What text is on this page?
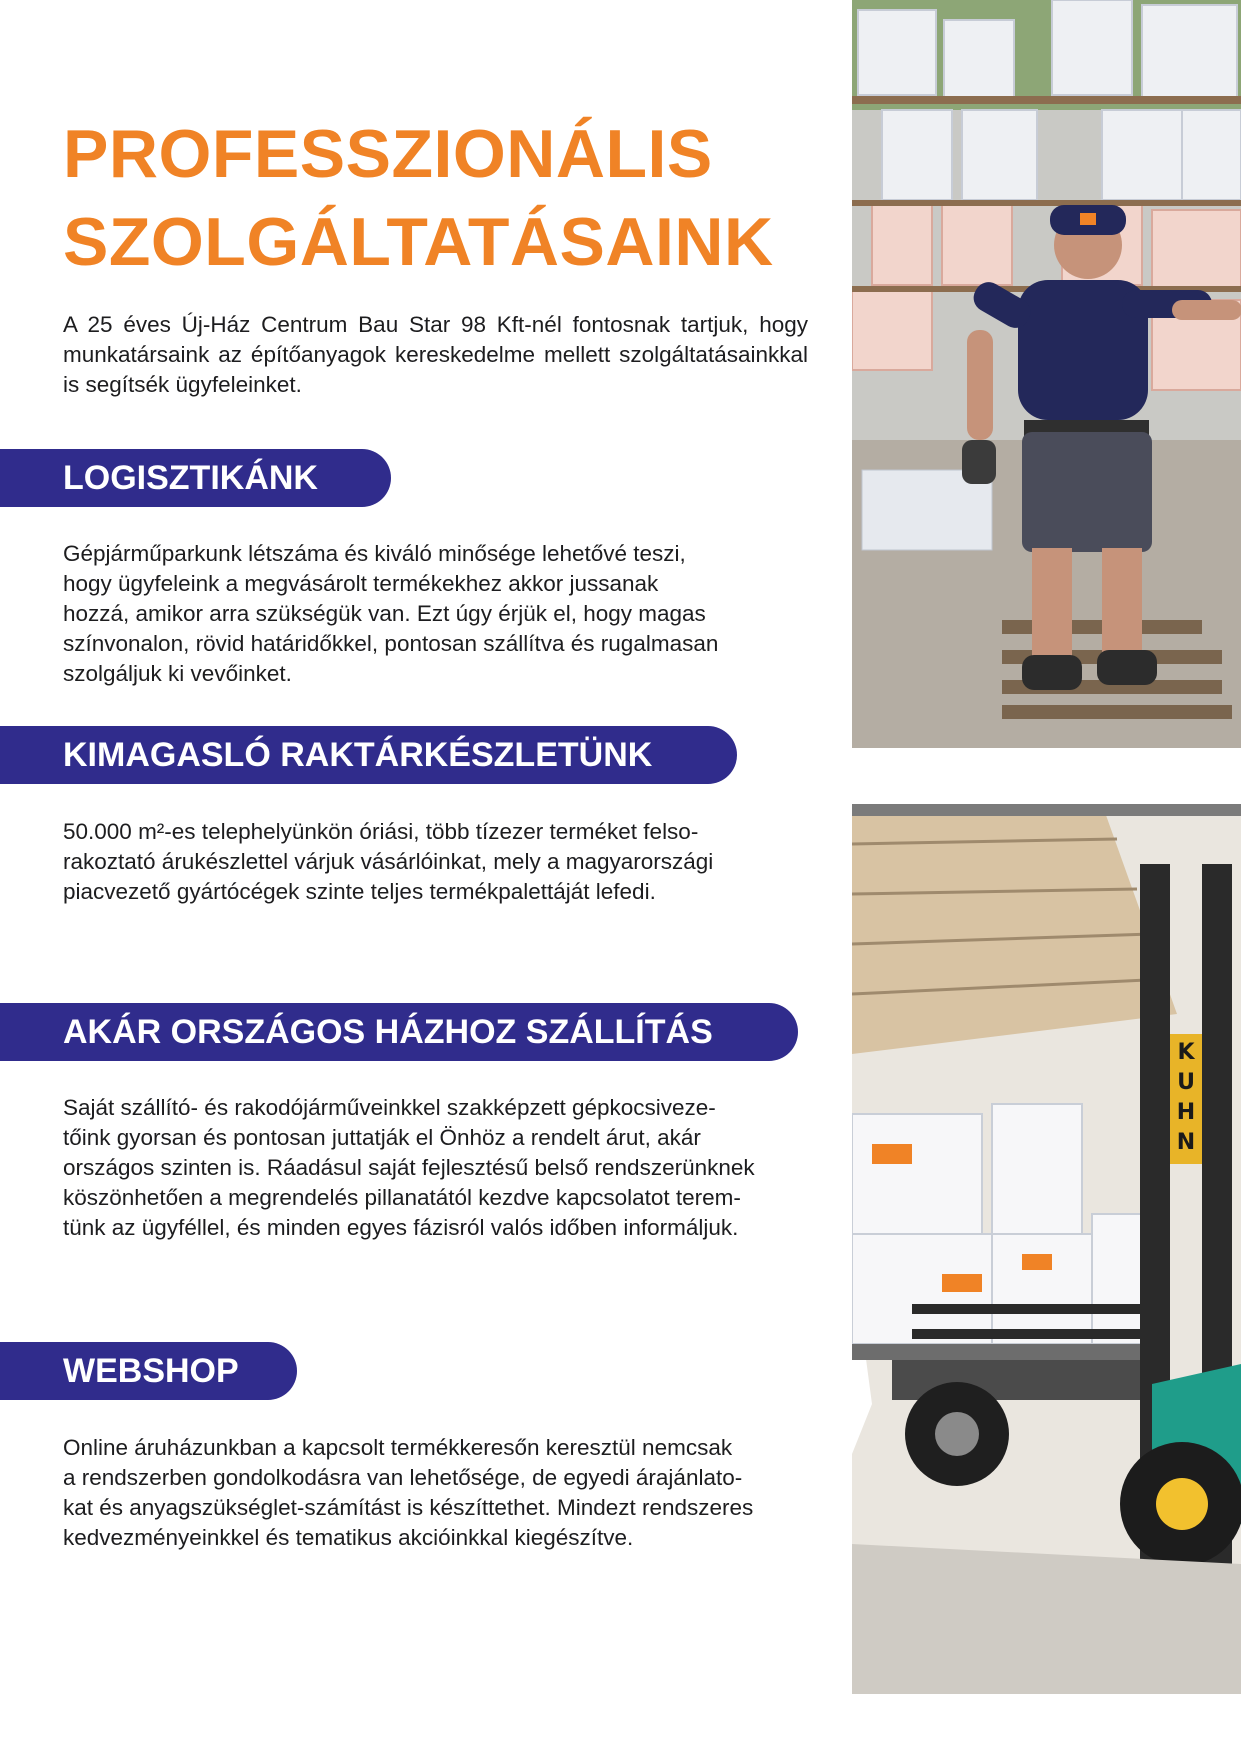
PROFESSZIONÁLIS
SZOLGÁLTATÁSAINK

A 25 éves Új-Ház Centrum Bau Star 98 Kft-nél fontosnak tartjuk, hogy munkatársaink az építőanyagok kereskedelme mellett szolgáltatásainkkal is segítsék ügyfeleinket.

LOGISZTIKÁNK

Gépjárműparkunk létszáma és kiváló minősége lehetővé teszi,
hogy ügyfeleink a megvásárolt termékekhez akkor jussanak
hozzá, amikor arra szükségük van. Ezt úgy érjük el, hogy magas
színvonalon, rövid határidőkkel, pontosan szállítva és rugalmasan
szolgáljuk ki vevőinket.

KIMAGASLÓ RAKTÁRKÉSZLETÜNK

50.000 m²-es telephelyünkön óriási, több tízezer terméket felso-
rakoztató árukészlettel várjuk vásárlóinkat, mely a magyarországi
piacvezető gyártócégek szinte teljes termékpalettáját lefedi.

AKÁR ORSZÁGOS HÁZHOZ SZÁLLÍTÁS

Saját szállító- és rakodójárműveinkkel szakképzett gépkocsiveze-
tőink gyorsan és pontosan juttatják el Önhöz a rendelt árut, akár
országos szinten is. Ráadásul saját fejlesztésű belső rendszerünknek
köszönhetően a megrendelés pillanatától kezdve kapcsolatot terem-
tünk az ügyféllel, és minden egyes fázisról valós időben informáljuk.

WEBSHOP

Online áruházunkban a kapcsolt termékkeresőn keresztül nemcsak
a rendszerben gondolkodásra van lehetősége, de egyedi árajánlato-
kat és anyagszükséglet-számítást is készíttethet. Mindezt rendszeres
kedvezményeinkkel és tematikus akcióinkkal kiegészítve.

K
U
H
N
